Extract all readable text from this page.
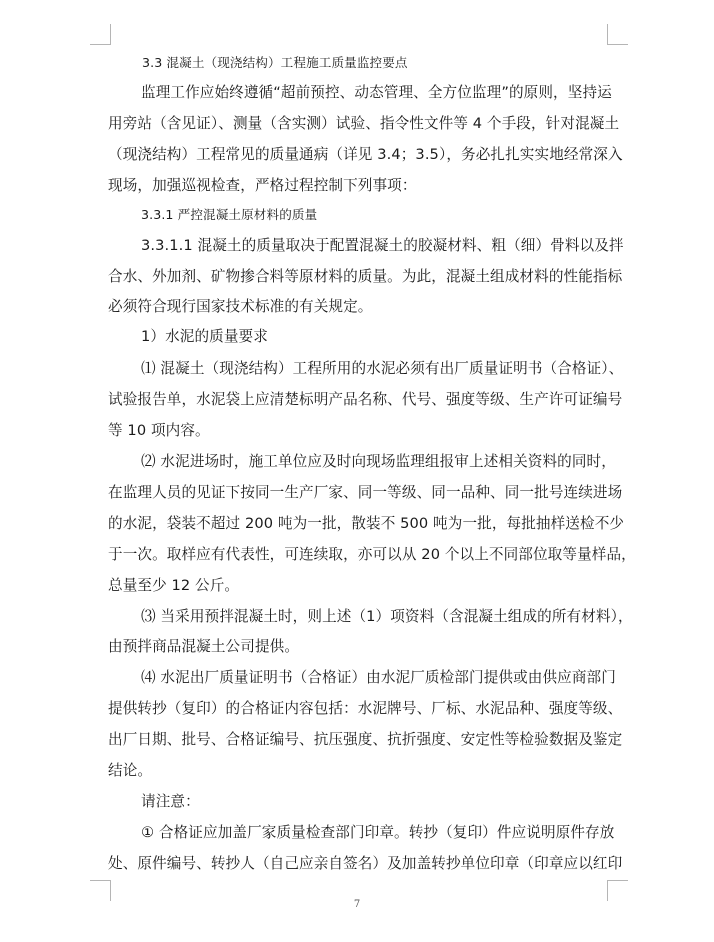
3.3 混凝土（现浇结构）工程施工质量监控要点
监理工作应始终遵循“超前预控、动态管理、全方位监理”的原则，坚持运
用旁站（含见证）、测量（含实测）试验、指令性文件等 4 个手段，针对混凝土
（现浇结构）工程常见的质量通病（详见 3.4；3.5），务必扎扎实实地经常深入
现场，加强巡视检查，严格过程控制下列事项：
3.3.1 严控混凝土原材料的质量
3.3.1.1 混凝土的质量取决于配置混凝土的胶凝材料、粗（细）骨料以及拌
合水、外加剂、矿物掺合料等原材料的质量。为此，混凝土组成材料的性能指标
必须符合现行国家技术标准的有关规定。
1）水泥的质量要求
⑴ 混凝土（现浇结构）工程所用的水泥必须有出厂质量证明书（合格证）、
试验报告单，水泥袋上应清楚标明产品名称、代号、强度等级、生产许可证编号
等 10 项内容。
⑵ 水泥进场时，施工单位应及时向现场监理组报审上述相关资料的同时，
在监理人员的见证下按同一生产厂家、同一等级、同一品种、同一批号连续进场
的水泥，袋装不超过 200 吨为一批，散装不 500 吨为一批，每批抽样送检不少
于一次。取样应有代表性，可连续取，亦可以从 20 个以上不同部位取等量样品，
总量至少 12 公斤。
⑶ 当采用预拌混凝土时，则上述（1）项资料（含混凝土组成的所有材料），
由预拌商品混凝土公司提供。
⑷ 水泥出厂质量证明书（合格证）由水泥厂质检部门提供或由供应商部门
提供转抄（复印）的合格证内容包括：水泥牌号、厂标、水泥品种、强度等级、
出厂日期、批号、合格证编号、抗压强度、抗折强度、安定性等检验数据及鉴定
结论。
请注意：
① 合格证应加盖厂家质量检查部门印章。转抄（复印）件应说明原件存放
处、原件编号、转抄人（自己应亲自签名）及加盖转抄单位印章（印章应以红印
7
